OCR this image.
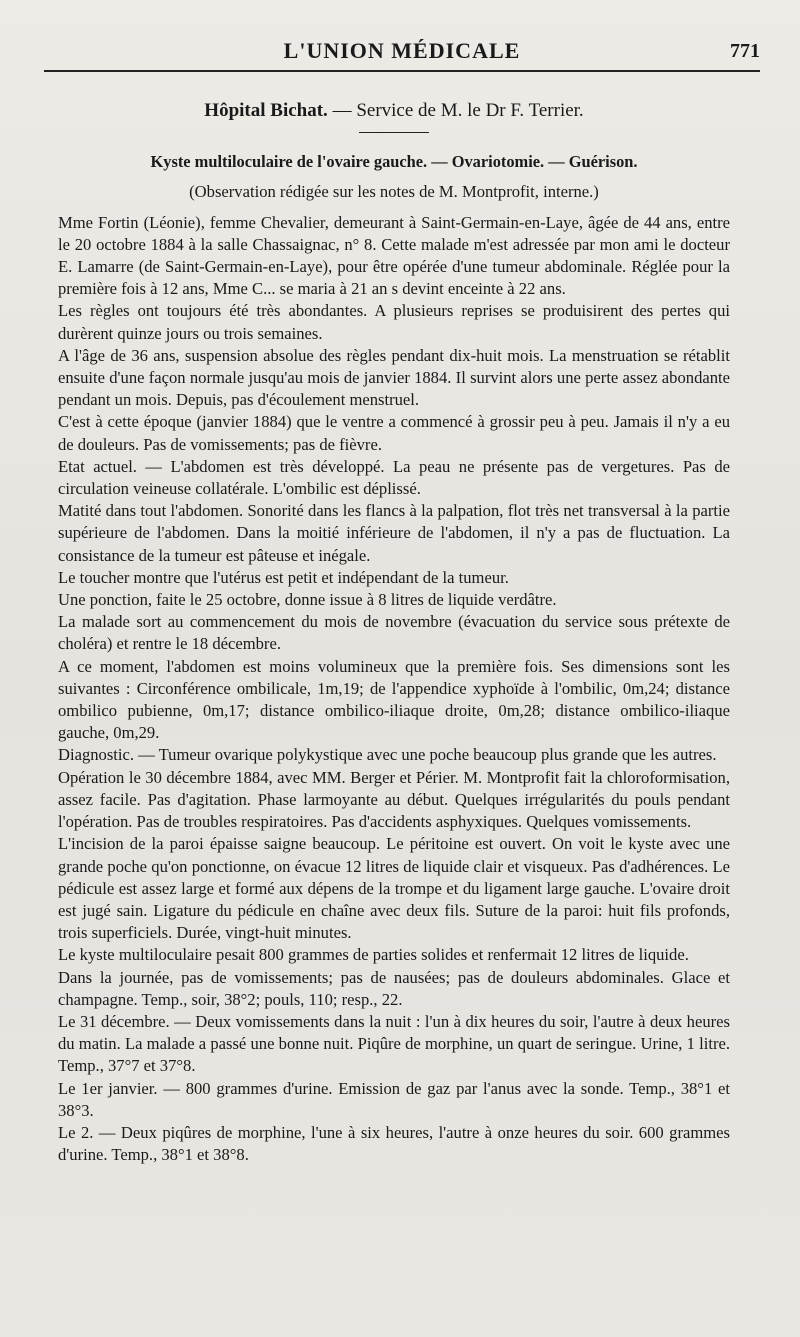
L'UNION MÉDICALE	771
Hôpital Bichat. — Service de M. le Dr F. Terrier.
Kyste multiloculaire de l'ovaire gauche. — Ovariotomie. — Guérison.
(Observation rédigée sur les notes de M. Montprofit, interne.)

Mme Fortin (Léonie), femme Chevalier, demeurant à Saint-Germain-en-Laye, âgée de 44 ans, entre le 20 octobre 1884 à la salle Chassaignac, n° 8. Cette malade m'est adressée par mon ami le docteur E. Lamarre (de Saint-Germain-en-Laye), pour être opérée d'une tumeur abdominale. Réglée pour la première fois à 12 ans, Mme C... se maria à 21 an s devint enceinte à 22 ans.

Les règles ont toujours été très abondantes. A plusieurs reprises se produisirent des pertes qui durèrent quinze jours ou trois semaines.

A l'âge de 36 ans, suspension absolue des règles pendant dix-huit mois. La menstruation se rétablit ensuite d'une façon normale jusqu'au mois de janvier 1884. Il survint alors une perte assez abondante pendant un mois. Depuis, pas d'écoulement menstruel.

C'est à cette époque (janvier 1884) que le ventre a commencé à grossir peu à peu. Jamais il n'y a eu de douleurs. Pas de vomissements; pas de fièvre.

Etat actuel. — L'abdomen est très développé. La peau ne présente pas de vergetures. Pas de circulation veineuse collatérale. L'ombilic est déplissé.

Matité dans tout l'abdomen. Sonorité dans les flancs à la palpation, flot très net transversal à la partie supérieure de l'abdomen. Dans la moitié inférieure de l'abdomen, il n'y a pas de fluctuation. La consistance de la tumeur est pâteuse et inégale.

Le toucher montre que l'utérus est petit et indépendant de la tumeur.

Une ponction, faite le 25 octobre, donne issue à 8 litres de liquide verdâtre.

La malade sort au commencement du mois de novembre (évacuation du service sous prétexte de choléra) et rentre le 18 décembre.

A ce moment, l'abdomen est moins volumineux que la première fois. Ses dimensions sont les suivantes : Circonférence ombilicale, 1m,19; de l'appendice xyphoïde à l'ombilic, 0m,24; distance ombilico pubienne, 0m,17; distance ombilico-iliaque droite, 0m,28; distance ombilico-iliaque gauche, 0m,29.

Diagnostic. — Tumeur ovarique polykystique avec une poche beaucoup plus grande que les autres.

Opération le 30 décembre 1884, avec MM. Berger et Périer. M. Montprofit fait la chloroformisation, assez facile. Pas d'agitation. Phase larmoyante au début. Quelques irrégularités du pouls pendant l'opération. Pas de troubles respiratoires. Pas d'accidents asphyxiques. Quelques vomissements.

L'incision de la paroi épaisse saigne beaucoup. Le péritoine est ouvert. On voit le kyste avec une grande poche qu'on ponctionne, on évacue 12 litres de liquide clair et visqueux. Pas d'adhérences. Le pédicule est assez large et formé aux dépens de la trompe et du ligament large gauche. L'ovaire droit est jugé sain. Ligature du pédicule en chaîne avec deux fils. Suture de la paroi: huit fils profonds, trois superficiels. Durée, vingt-huit minutes.

Le kyste multiloculaire pesait 800 grammes de parties solides et renfermait 12 litres de liquide.

Dans la journée, pas de vomissements; pas de nausées; pas de douleurs abdominales. Glace et champagne. Temp., soir, 38°2; pouls, 110; resp., 22.

Le 31 décembre. — Deux vomissements dans la nuit : l'un à dix heures du soir, l'autre à deux heures du matin. La malade a passé une bonne nuit. Piqûre de morphine, un quart de seringue. Urine, 1 litre. Temp., 37°7 et 37°8.

Le 1er janvier. — 800 grammes d'urine. Emission de gaz par l'anus avec la sonde. Temp., 38°1 et 38°3.

Le 2. — Deux piqûres de morphine, l'une à six heures, l'autre à onze heures du soir. 600 grammes d'urine. Temp., 38°1 et 38°8.
